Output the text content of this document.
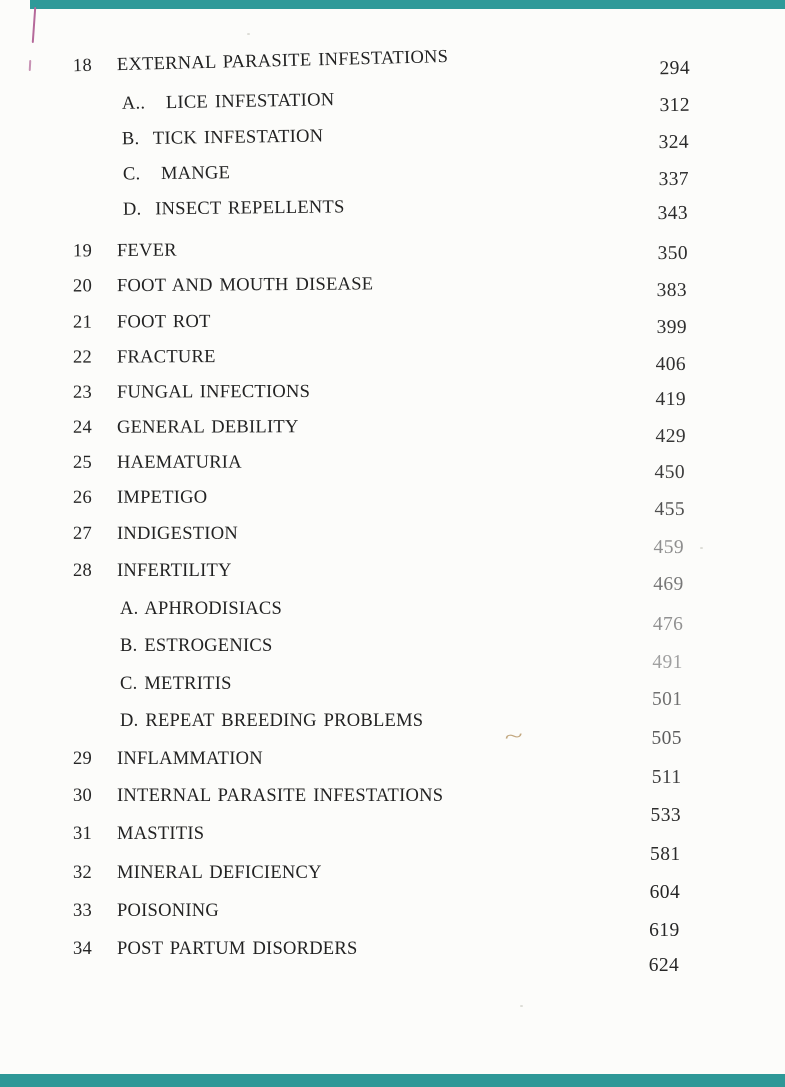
~
18 EXTERNAL PARASITE INFESTATIONS
A..   LICE INFESTATION
B.  TICK INFESTATION
C.   MANGE
D.  INSECT REPELLENTS
19 FEVER
20 FOOT AND MOUTH DISEASE
21 FOOT ROT
22 FRACTURE
23 FUNGAL INFECTIONS
24 GENERAL DEBILITY
25 HAEMATURIA
26 IMPETIGO
27 INDIGESTION
28 INFERTILITY
A. APHRODISIACS
B. ESTROGENICS
C. METRITIS
D. REPEAT BREEDING PROBLEMS
29 INFLAMMATION
30 INTERNAL PARASITE INFESTATIONS
31 MASTITIS
32 MINERAL DEFICIENCY
33 POISONING
34 POST PARTUM DISORDERS
294
312
324
337
343
350
383
399
406
419
429
450
455
459
469
476
491
501
505
511
533
581
604
619
624
